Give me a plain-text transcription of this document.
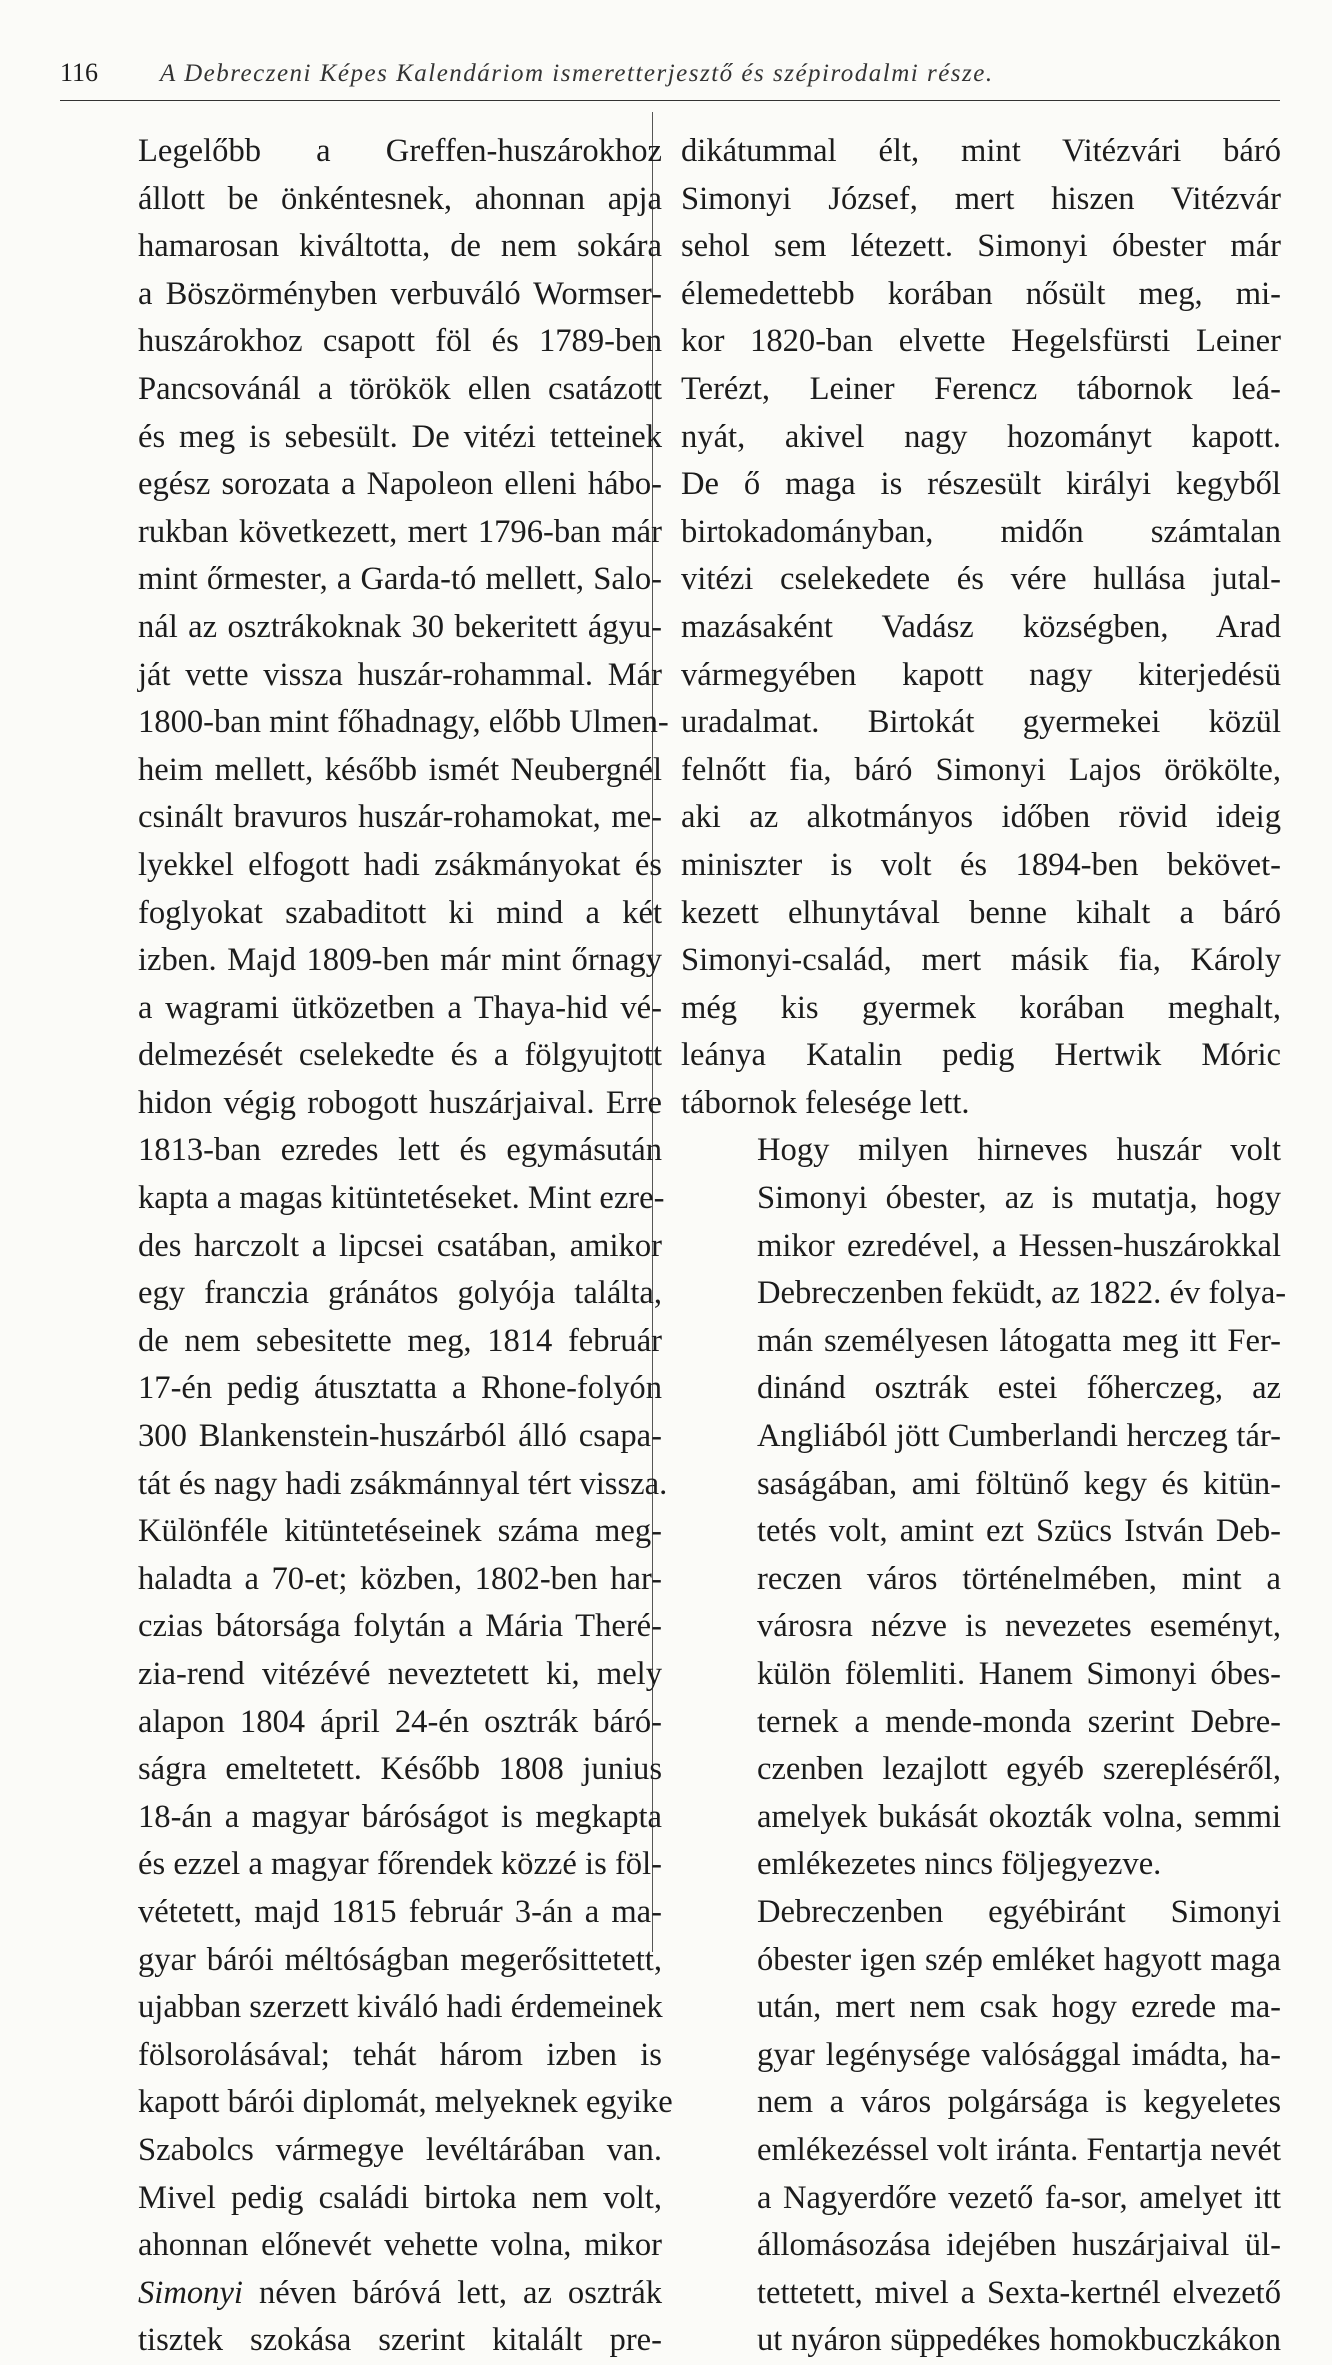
116	A Debreczeni Képes Kalendáriom ismeretterjesztő és szépirodalmi része.

Legelőbb a Greffen-huszárokhoz
állott be önkéntesnek, ahonnan apja
hamarosan kiváltotta, de nem sokára
a Böszörményben verbuváló Wormser-
huszárokhoz csapott föl és 1789-ben
Pancsovánál a törökök ellen csatázott
és meg is sebesült. De vitézi tetteinek
egész sorozata a Napoleon elleni hábo-
rukban következett, mert 1796-ban már
mint őrmester, a Garda-tó mellett, Salo-
nál az osztrákoknak 30 bekeritett ágyu-
ját vette vissza huszár-rohammal. Már
1800-ban mint főhadnagy, előbb Ulmen-
heim mellett, később ismét Neubergnél
csinált bravuros huszár-rohamokat, me-
lyekkel elfogott hadi zsákmányokat és
foglyokat szabaditott ki mind a két
izben. Majd 1809-ben már mint őrnagy
a wagrami ütközetben a Thaya-hid vé-
delmezését cselekedte és a fölgyujtott
hidon végig robogott huszárjaival. Erre
1813-ban ezredes lett és egymásután
kapta a magas kitüntetéseket. Mint ezre-
des harczolt a lipcsei csatában, amikor
egy franczia gránátos golyója találta,
de nem sebesitette meg, 1814 február
17-én pedig átusztatta a Rhone-folyón
300 Blankenstein-huszárból álló csapa-
tát és nagy hadi zsákmánnyal tért vissza.
Különféle kitüntetéseinek száma meg-
haladta a 70-et; közben, 1802-ben har-
czias bátorsága folytán a Mária Theré-
zia-rend vitézévé neveztetett ki, mely
alapon 1804 ápril 24-én osztrák báró-
ságra emeltetett. Később 1808 junius
18-án a magyar báróságot is megkapta
és ezzel a magyar főrendek közzé is föl-
vétetett, majd 1815 február 3-án a ma-
gyar bárói méltóságban megerősittetett,
ujabban szerzett kiváló hadi érdemeinek
fölsorolásával; tehát három izben is
kapott bárói diplomát, melyeknek egyike
Szabolcs vármegye levéltárában van.
Mivel pedig családi birtoka nem volt,
ahonnan előnevét vehette volna, mikor
Simonyi néven báróvá lett, az osztrák
tisztek szokása szerint kitalált pre-

dikátummal élt, mint Vitézvári báró
Simonyi József, mert hiszen Vitézvár
sehol sem létezett. Simonyi óbester már
élemedettebb korában nősült meg, mi-
kor 1820-ban elvette Hegelsfürsti Leiner
Terézt, Leiner Ferencz tábornok leá-
nyát, akivel nagy hozományt kapott.
De ő maga is részesült királyi kegyből
birtokadományban, midőn számtalan
vitézi cselekedete és vére hullása jutal-
mazásaként Vadász községben, Arad
vármegyében kapott nagy kiterjedésü
uradalmat. Birtokát gyermekei közül
felnőtt fia, báró Simonyi Lajos örökölte,
aki az alkotmányos időben rövid ideig
miniszter is volt és 1894-ben bekövet-
kezett elhunytával benne kihalt a báró
Simonyi-család, mert másik fia, Károly
még kis gyermek korában meghalt,
leánya Katalin pedig Hertwik Móric
tábornok felesége lett.

Hogy milyen hirneves huszár volt
Simonyi óbester, az is mutatja, hogy
mikor ezredével, a Hessen-huszárokkal
Debreczenben feküdt, az 1822. év folya-
mán személyesen látogatta meg itt Fer-
dinánd osztrák estei főherczeg, az
Angliából jött Cumberlandi herczeg tár-
saságában, ami föltünő kegy és kitün-
tetés volt, amint ezt Szücs István Deb-
reczen város történelmében, mint a
városra nézve is nevezetes eseményt,
külön fölemliti. Hanem Simonyi óbes-
ternek a mende-monda szerint Debre-
czenben lezajlott egyéb szerepléséről,
amelyek bukását okozták volna, semmi
emlékezetes nincs följegyezve.

Debreczenben egyébiránt Simonyi
óbester igen szép emléket hagyott maga
után, mert nem csak hogy ezrede ma-
gyar legénysége valósággal imádta, ha-
nem a város polgársága is kegyeletes
emlékezéssel volt iránta. Fentartja nevét
a Nagyerdőre vezető fa-sor, amelyet itt
állomásozása idejében huszárjaival ül-
tettetett, mivel a Sexta-kertnél elvezető
ut nyáron süppedékes homokbuczkákon
